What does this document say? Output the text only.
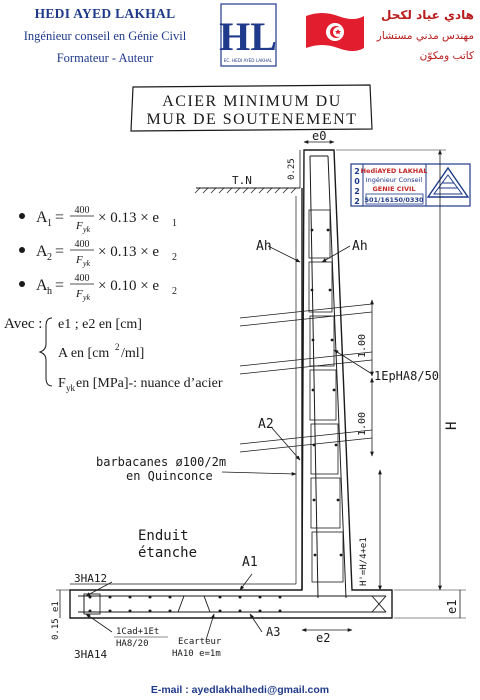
HEDI AYED LAKHAL
Ingénieur conseil en Génie Civil
Formateur - Auteur
هادي عياد لكحل
مهندس مدني مستشار
كاتب ومكوّن
HL
EC. HEDI AYED LAKHAL
ACIER MINIMUM DU
MUR DE SOUTENEMENT
2
0
2
2
HediAYED LAKHAL
Ingénieur Conseil
GENIE CIVIL
501/16150/0330
A 1 = 400
F yk
× 0.13 × e 1
A 2 = 400
F yk
× 0.13 × e 2
A h = 400
F yk
× 0.10 × e 2
Avec : e1 ; e2 en [cm]
A en [cm 2 /ml]
F yk en [MPa]-: nuance d’acier
e0
0.25
T.N
Ah	Ah
1.00
1.00
1EpHA8/50
A2
barbacanes ø100/2m
en Quinconce
Enduit
étanche
H
H'=H/4+e1
A1
3HA12
3HA14
e1
0.15	1Cad+1Et
HA8/20	Ecarteur
HA10 e=1m
A3	e2
e1
E-mail : ayedlakhalhedi@gmail.com
